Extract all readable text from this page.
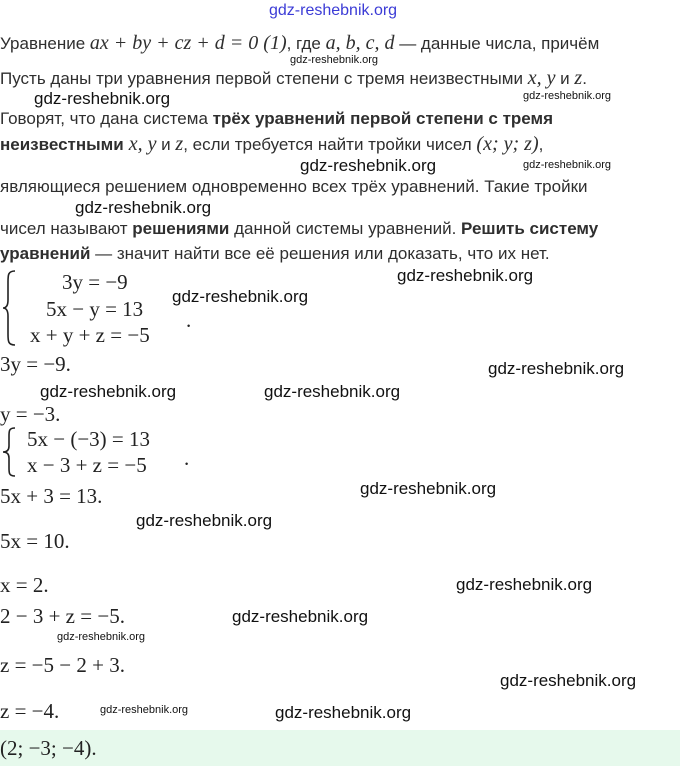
gdz-reshebnik.org
Уравнение ax + by + cz + d = 0 (1), где a, b, c, d — данные числа, причём
Пусть даны три уравнения первой степени с тремя неизвестными x, y и z.
Говорят, что дана система трёх уравнений первой степени с тремя
неизвестными x, y и z, если требуется найти тройки чисел (x; y; z),
являющиеся решением одновременно всех трёх уравнений. Такие тройки
чисел называют решениями данной системы уравнений. Решить систему
уравнений — значит найти все её решения или доказать, что их нет.
3y = −9
5x − y = 13
x + y + z = −5
.
3y = −9.
y = −3.
5x − (−3) = 13
x − 3 + z = −5 .
5x + 3 = 13.
5x = 10.
x = 2.
2 − 3 + z = −5.
z = −5 − 2 + 3.
z = −4.
(2; −3; −4).
gdz-reshebnik.org
gdz-reshebnik.org	gdz-reshebnik.org
gdz-reshebnik.org	gdz-reshebnik.org
gdz-reshebnik.org
gdz-reshebnik.org
gdz-reshebnik.org
gdz-reshebnik.org
gdz-reshebnik.org	gdz-reshebnik.org
gdz-reshebnik.org
gdz-reshebnik.org
gdz-reshebnik.org
gdz-reshebnik.org
gdz-reshebnik.org
gdz-reshebnik.org
gdz-reshebnik.org	gdz-reshebnik.org
